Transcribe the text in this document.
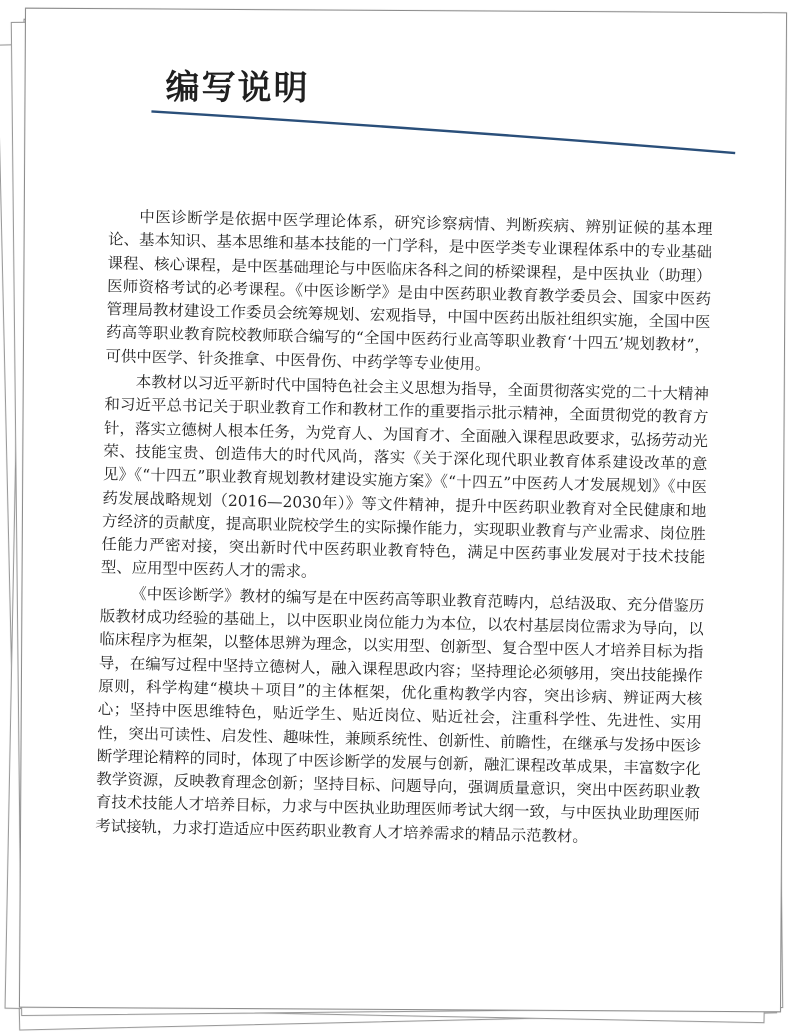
编写说明

中医诊断学是依据中医学理论体系，研究诊察病情、判断疾病、辨别证候的基本理论、基本知识、基本思维和基本技能的一门学科，是中医学类专业课程体系中的专业基础课程、核心课程，是中医基础理论与中医临床各科之间的桥梁课程，是中医执业（助理）医师资格考试的必考课程。《中医诊断学》是由中医药职业教育教学委员会、国家中医药管理局教材建设工作委员会统筹规划、宏观指导，中国中医药出版社组织实施，全国中医药高等职业教育院校教师联合编写的“全国中医药行业高等职业教育‘十四五’规划教材”，可供中医学、针灸推拿、中医骨伤、中药学等专业使用。

本教材以习近平新时代中国特色社会主义思想为指导，全面贯彻落实党的二十大精神和习近平总书记关于职业教育工作和教材工作的重要指示批示精神，全面贯彻党的教育方针，落实立德树人根本任务，为党育人、为国育才、全面融入课程思政要求，弘扬劳动光荣、技能宝贵、创造伟大的时代风尚，落实《关于深化现代职业教育体系建设改革的意见》《“十四五”职业教育规划教材建设实施方案》《“十四五”中医药人才发展规划》《中医药发展战略规划（2016—2030年）》等文件精神，提升中医药职业教育对全民健康和地方经济的贡献度，提高职业院校学生的实际操作能力，实现职业教育与产业需求、岗位胜任能力严密对接，突出新时代中医药职业教育特色，满足中医药事业发展对于技术技能型、应用型中医药人才的需求。

《中医诊断学》教材的编写是在中医药高等职业教育范畴内，总结汲取、充分借鉴历版教材成功经验的基础上，以中医职业岗位能力为本位，以农村基层岗位需求为导向，以临床程序为框架，以整体思辨为理念，以实用型、创新型、复合型中医人才培养目标为指导，在编写过程中坚持立德树人，融入课程思政内容；坚持理论必须够用，突出技能操作原则，科学构建“模块＋项目”的主体框架，优化重构教学内容，突出诊病、辨证两大核心；坚持中医思维特色，贴近学生、贴近岗位、贴近社会，注重科学性、先进性、实用性，突出可读性、启发性、趣味性，兼顾系统性、创新性、前瞻性，在继承与发扬中医诊断学理论精粹的同时，体现了中医诊断学的发展与创新，融汇课程改革成果，丰富数字化教学资源，反映教育理念创新；坚持目标、问题导向，强调质量意识，突出中医药职业教育技术技能人才培养目标，力求与中医执业助理医师考试大纲一致，与中医执业助理医师考试接轨，力求打造适应中医药职业教育人才培养需求的精品示范教材。
